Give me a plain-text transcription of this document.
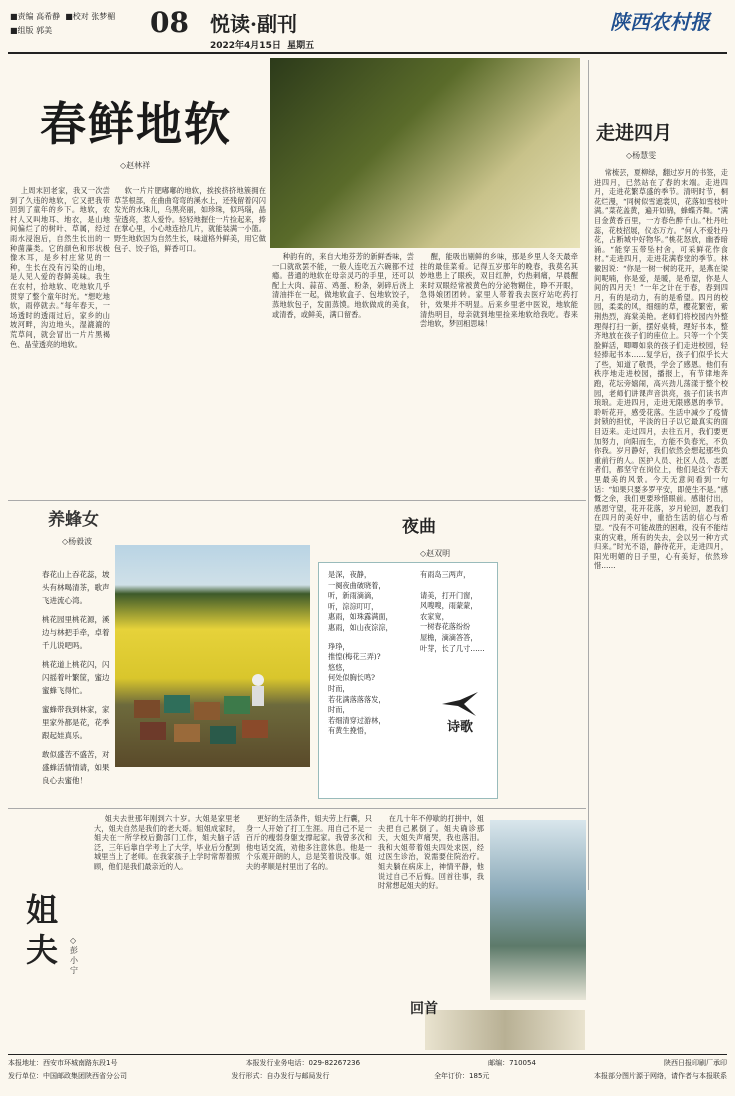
■责编 高希静 ■校对 张梦楣
■组版 郭美	08 悦读·副刊
2022年4月15日 星期五
陕西农村报
春鲜地软
◇赵林祥

上周末回老家，我又一次尝到了久违的地软，它又把我带回到了童年的乡下。地软，农村人又叫地耳、地衣，是山地间偏烂了的树叶、草属，经过雨水浸泡后，自然生长出的一种菌藻类。它的颜色和形状极像木耳，是乡村庄常见的一种，生长在没有污染的山地，是人见人爱的春鲜美味。我生在农村，拾地软、吃地软几乎贯穿了整个童年时光。“想吃地软，雨停就去。”每年春天，一场透时的透雨过后，家乡的山坡河畔，沟边地头，湿漉漉的荒草间，就会冒出一片片黑褐色、晶莹透亮的地软。

软一片片肥嘟嘟的地软，挨挨挤挤地簇拥在草茎根部，在曲曲弯弯的溪水上，还残留着闪闪发光的水珠儿，乌黑亮丽，如珍珠，似玛瑙，晶莹透亮，惹人爱怜。轻轻地握住一片捡起来，捧在掌心里，小心地连拾几片，就能装满一小篮。野生地软因为自然生长，味道格外鲜美，用它做包子、饺子馅，鲜香可口。

种韵有的，来自大地芬芳的新鲜香味，尝一口就欲罢不能，一般人连吃五六碗都不过瘾。普通的地软在母亲灵巧的手里，还可以配上大肉、蒜苗、鸡蛋、粉条，剁碎后浇上清油拌在一起，做地软盒子、包地软饺子，蒸地软包子，发面蒸馍。地软做成的美食，或清香，或鲜美，满口留香。

醒，能吸出剔鲜的乡味，那是乡里人冬天最牵挂的最佳菜肴。记得五岁那年的晚春，我莫名其妙地患上了眼疾，双目红肿，灼热刺痛，早晨醒来时双眼经常被黄色的分泌物糊住，睁不开眼，急得娘团团转。家里人带着我去医疗站吃药打针，效果并不明显。后来乡里老中医说，地软能清热明目，母亲就到地里捡来地软给我吃。春来尝地软，梦回相思味！

走进四月
◇杨慧雯

常梳芸，夏柳绿，翻过岁月的书签，走进四月，已然站在了春的末端。走进四月，走进花繁草盛的季节。清明时节，桐花烂漫，“同树似雪遮裳贝，花落如雪枝叶满。”菜花盖黄，遍开如锦，蜂蝶齐舞。“满目金黄香百里，一方春色醉千山。”杜丹吐蕊，花枝招展，仪态万方。“何人不爱牡丹花，占断城中好物华。”桃花怒放，幽香暗涌。“能穿玉带坠村舍，可采鲜花作食材。”走进四月，走进花满春堂的季节。林徽因说：“你是一树一树的花开，是燕在梁间呢喃，你是爱，是暖，是希望，你是人间的四月天！”一年之计在于春，春到四月，有的是动力，有的是希望。四月的校园，柔柔的风，细细的草，樱花繁密，紫荆热烈，海棠美艳。老师们将校园内外整理得打扫一新，摆好桌椅，理好书本，整齐地放在孩子们的座位上。只等一个个笑脸鲜活，唧唧如泉的孩子们走进校园，轻轻捧起书本……复学后，孩子们似乎长大了些，知道了敬畏，学会了感恩。他们有秩序地走进校园，播报上，有节律地奔跑，花坛旁嬉闹，高兴劲儿荡漾于整个校园，老师们讲课声音洪亮，孩子们读书声琅琅。走进四月，走进无限感恩的季节。聆听花开，感受花落。生活中减少了疫情封锁的担忧，平淡的日子以它最真实的面目迈来。走过四月，去往五月，我们要更加努力，向阳而生，方能不负春光，不负你我。岁月静好，我们依然会想起那些负重前行的人。医护人员、社区人员、志愿者们，都坚守在岗位上，他们是这个春天里最美的风景。今天无意间看到一句话：“如果只要多罗平安，即使生不是。”感慨之余，我们更要珍惜眼前。感谢付出，感恩守望，花开花落，岁月轮回，愿我们在四月的美好中，重拾生活的信心与希望。“没有不可能战胜的困难，没有不能结束的灾难，所有的失去，会以另一种方式归来。”时光不语，静待花开，走进四月，阳光明媚的日子里，心有美好，依然珍惜……

养蜂女
◇杨毅波

春花山上吞花蕊，坡头有林喝清茶，歌声飞进流心湾。

桃花园里桃花源，溪边与林把手牵，卓着千儿说吧吗。

桃花道上桃花闪，闪闪摇着叶繁筐，蜜边蜜蜂飞得忙。

蜜蜂带我到林家，家里家外都是花，花季跟起娃真乐。

敢似盛苦不盛苦，对盛蜂活情情请，如果良心去蜜他！

夜曲
◇赵双明
是深，夜静，
一阕夜曲破晓着，
听，新雨滴滴，
听，淙淙叮叮，
惠雨，如珠露满面，
惠雨，如山夜淙淙，
琤琤，
推惶(梅花三弄)?
悠悠，
何处似胸长鸣?
时而，
若花满落落落发，
时而，
若细清穿过游林，
有黄生挽悟，
有雨岛三两声，
请美，打开门窗，
风嗖嗖，雨蒙蒙，
农家宽，
一树春花落纷纷
屋檐，滴滴答答，
叶芽，长了几寸……
诗歌
姐夫	◇彭小宁

姐夫去世那年刚到六十岁。大姐是家里老大，姐夫自然是我们的老大哥。姐姐成家时，姐夫在一所学校后勤部门工作，姐夫脑子活泛，三年后靠自学考上了大学，毕业后分配到城里当上了老师。在我家孩子上学时常帮着照顾，他们是我们最亲近的人。

更好的生活条件，姐夫劳上行囊，只身一人开始了打工生涯。用自己不足一百斤的瘦弱身躯支撑起家。我曾多次和他电话交流，劝他多注意休息。他是一个乐观开朗的人，总是笑着说没事。姐夫的孝顺是村里出了名的。

在几十年不停歇的打拼中，姐夫把自己累倒了。姐夫确诊那天，大姐失声痛哭，我也落泪。我和大姐带着姐夫四处求医，经过医生诊治，说需要住院治疗。姐夫躺在病床上，神情平静，他说过自己不后悔。回首往事，我时常想起姐夫的好。

回首
本报地址：西安市环城南路东段1号	本报发行业务电话：029-82267236	邮编：710054	陕西日报印刷厂承印
发行单位：中国邮政集团陕西省分公司	发行形式：自办发行与邮局发行	全年订价：185元	本报部分图片源于网络，请作者与本报联系
